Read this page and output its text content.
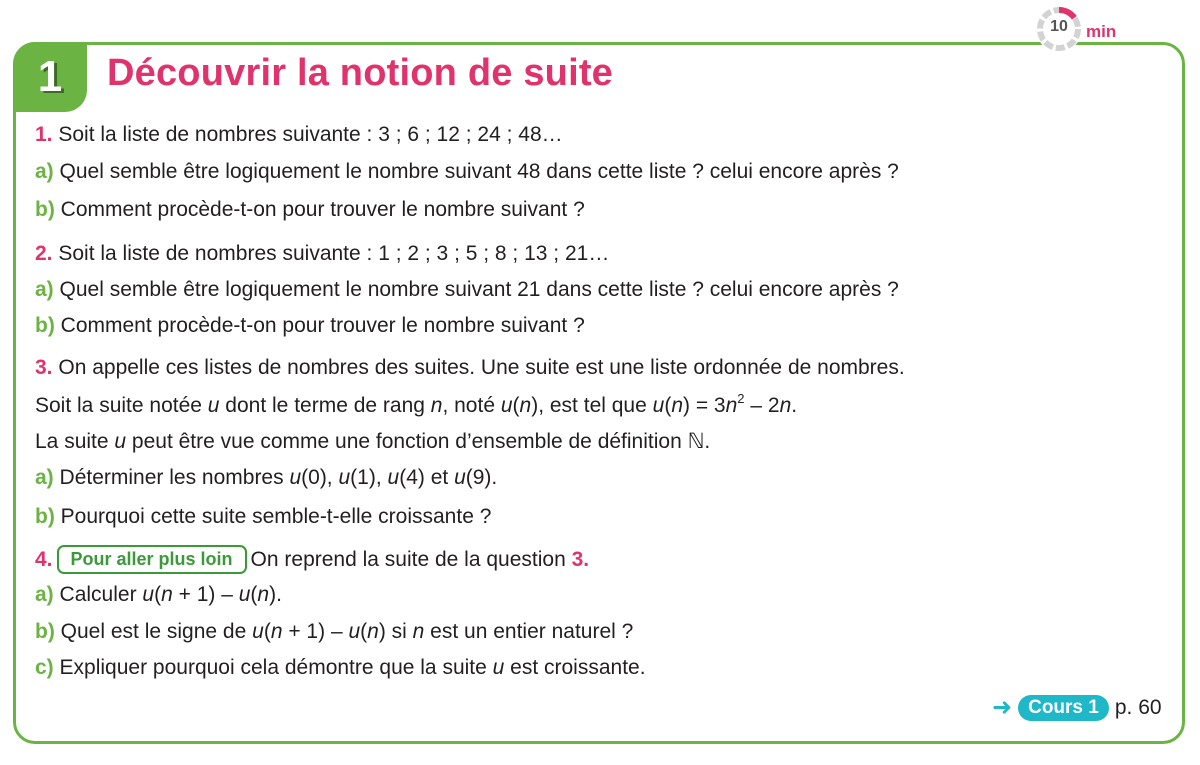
1 Découvrir la notion de suite
10	min
1. Soit la liste de nombres suivante : 3 ; 6 ; 12 ; 24 ; 48…
a) Quel semble être logiquement le nombre suivant 48 dans cette liste ? celui encore après ?
b) Comment procède-t-on pour trouver le nombre suivant ?
2. Soit la liste de nombres suivante : 1 ; 2 ; 3 ; 5 ; 8 ; 13 ; 21…
a) Quel semble être logiquement le nombre suivant 21 dans cette liste ? celui encore après ?
b) Comment procède-t-on pour trouver le nombre suivant ?
3. On appelle ces listes de nombres des suites. Une suite est une liste ordonnée de nombres.
Soit la suite notée u dont le terme de rang n, noté u(n), est tel que $u(n) = 3n^2 - 2n$.
La suite u peut être vue comme une fonction d’ensemble de définition ℕ.
a) Déterminer les nombres u(0), u(1), u(4) et u(9).
b) Pourquoi cette suite semble-t-elle croissante ?
4. Pour aller plus loin On reprend la suite de la question 3.
a) Calculer u(n + 1) – u(n).
b) Quel est le signe de u(n + 1) – u(n) si n est un entier naturel ?
c) Expliquer pourquoi cela démontre que la suite u est croissante.
➜ Cours 1 p. 60
